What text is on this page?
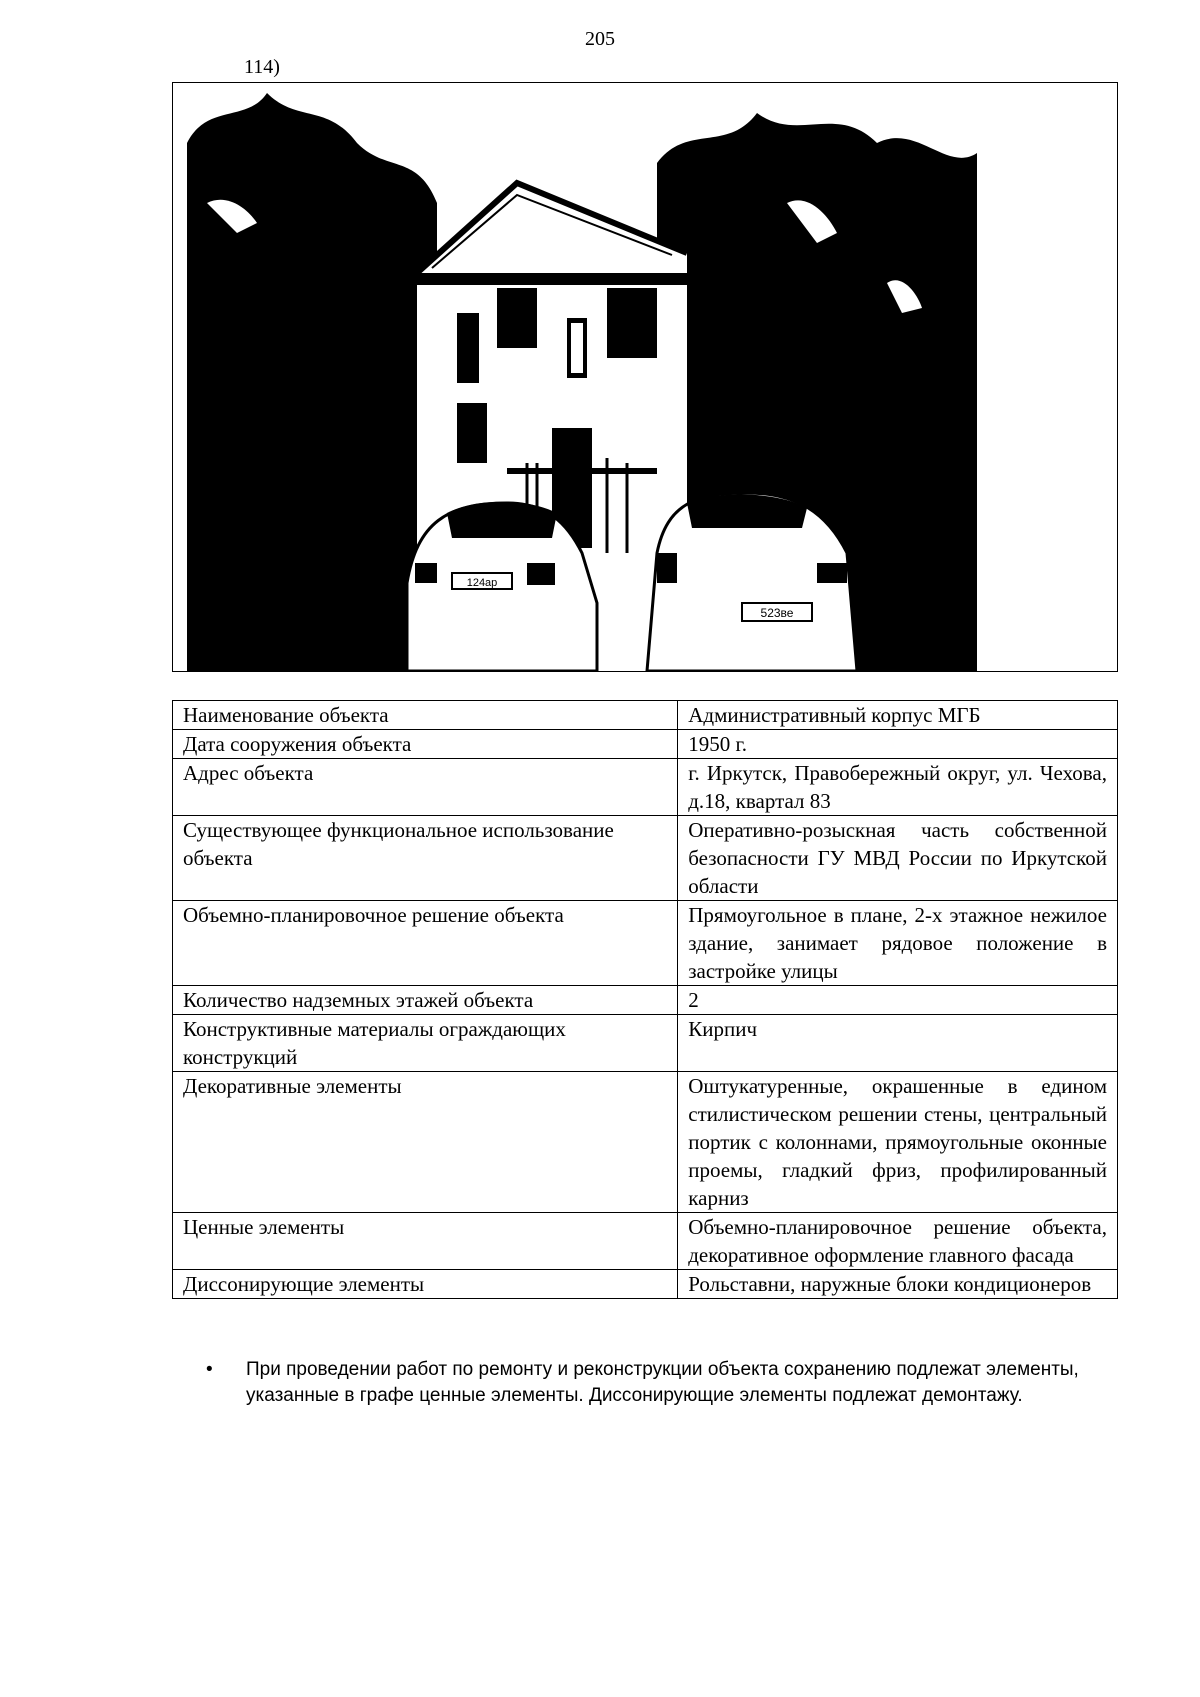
205
114)
124ар
523ве
Наименование объекта	Административный корпус МГБ
Дата сооружения объекта	1950 г.
Адрес объекта	г. Иркутск, Правобережный округ, ул. Чехова, д.18, квартал 83
Существующее функциональное использование объекта	Оперативно-розыскная часть собственной безопасности ГУ МВД России по Иркутской области
Объемно-планировочное решение объекта	Прямоугольное в плане, 2-х этажное нежилое здание, занимает рядовое положение в застройке улицы
Количество надземных этажей объекта	2
Конструктивные материалы ограждающих конструкций	Кирпич
Декоративные элементы	Оштукатуренные, окрашенные в едином стилистическом решении стены, центральный портик с колоннами, прямоугольные оконные проемы, гладкий фриз, профилированный карниз
Ценные элементы	Объемно-планировочное решение объекта, декоративное оформление главного фасада
Диссонирующие элементы	Рольставни, наружные блоки кондиционеров
• При проведении работ по ремонту и реконструкции объекта сохранению подлежат элементы, указанные в графе ценные элементы. Диссонирующие элементы подлежат демонтажу.
